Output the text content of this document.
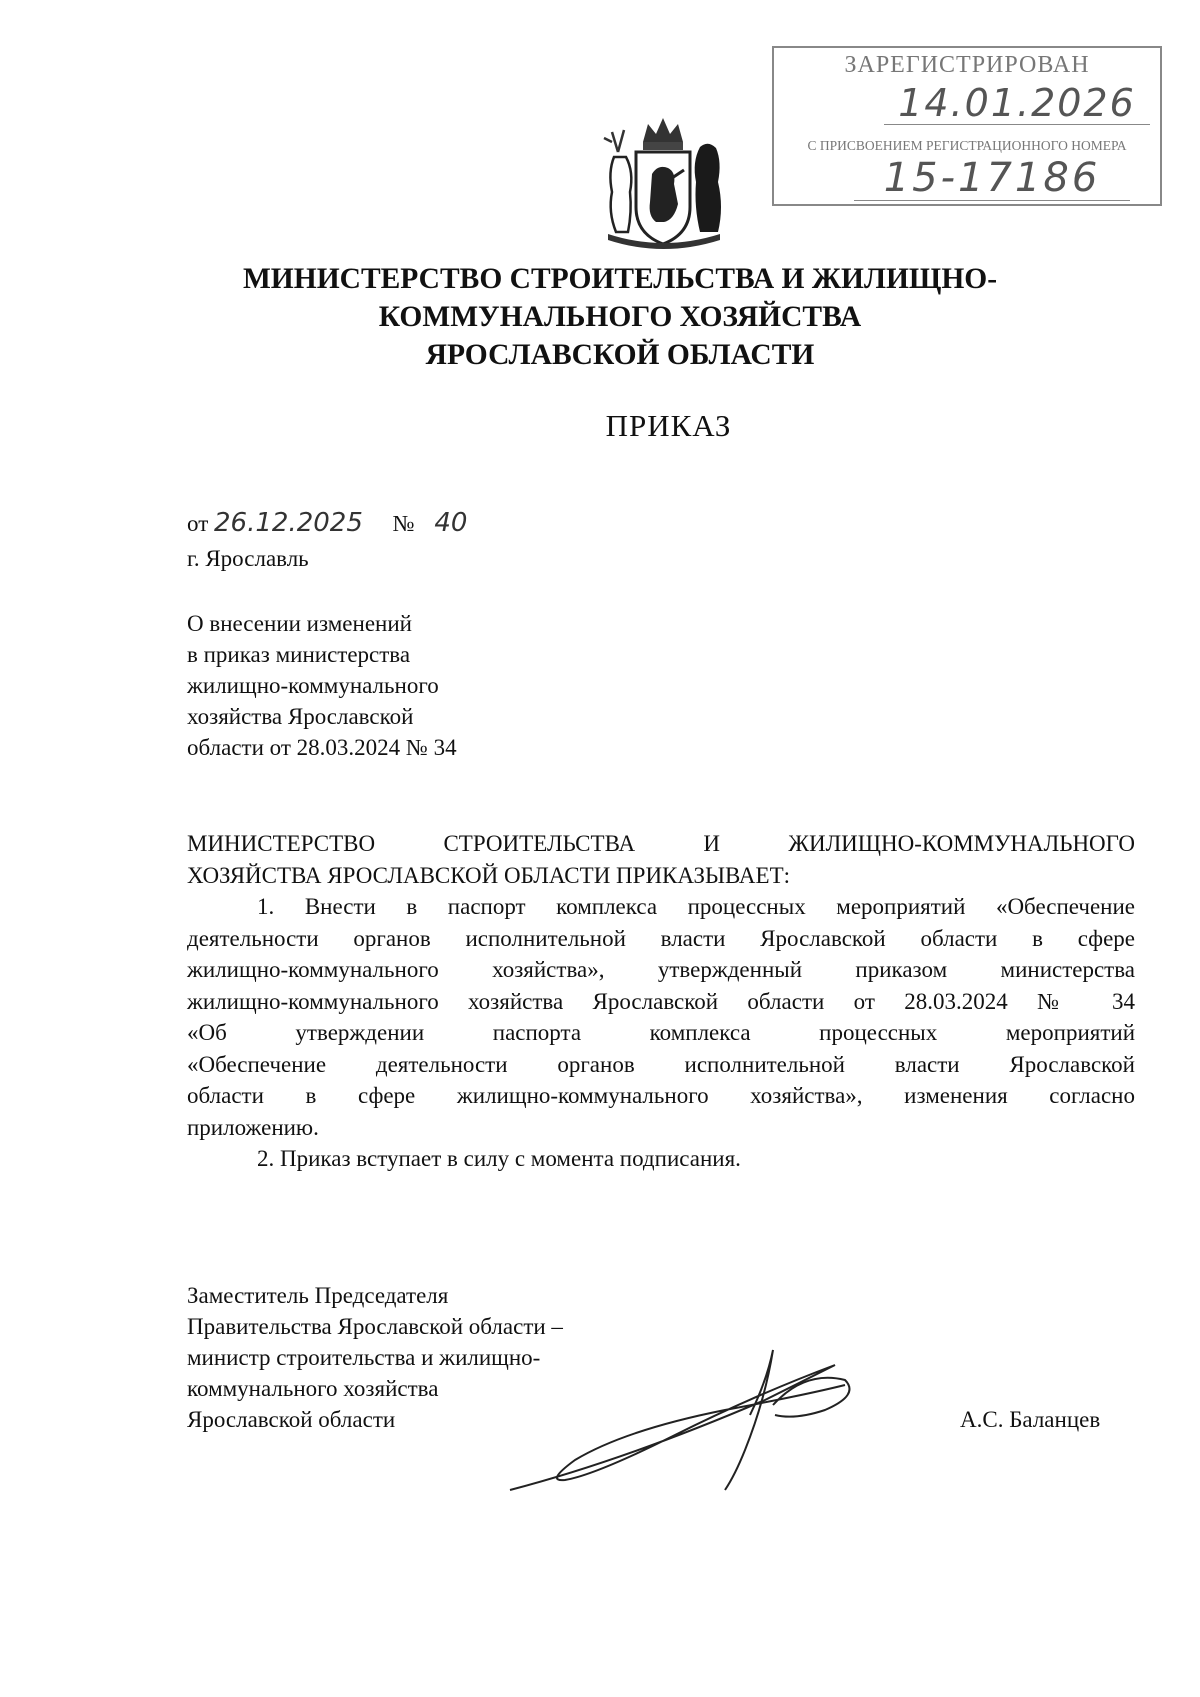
ЗАРЕГИСТРИРОВАН
14.01.2026
С ПРИСВОЕНИЕМ РЕГИСТРАЦИОННОГО НОМЕРА
15-17186
МИНИСТЕРСТВО СТРОИТЕЛЬСТВА И ЖИЛИЩНО-
КОММУНАЛЬНОГО ХОЗЯЙСТВА
ЯРОСЛАВСКОЙ ОБЛАСТИ
ПРИКАЗ
от 26.12.2025 № 40
г. Ярославль
О внесении изменений
в приказ министерства
жилищно-коммунального
хозяйства Ярославской
области от 28.03.2024 № 34
МИНИСТЕРСТВО СТРОИТЕЛЬСТВА И ЖИЛИЩНО-КОММУНАЛЬНОГО
ХОЗЯЙСТВА ЯРОСЛАВСКОЙ ОБЛАСТИ ПРИКАЗЫВАЕТ:
1. Внести в паспорт комплекса процессных мероприятий «Обеспечение
деятельности органов исполнительной власти Ярославской области в сфере
жилищно-коммунального хозяйства», утвержденный приказом министерства
жилищно-коммунального хозяйства Ярославской области от 28.03.2024 № 34
«Об утверждении паспорта комплекса процессных мероприятий
«Обеспечение деятельности органов исполнительной власти Ярославской
области в сфере жилищно-коммунального хозяйства», изменения согласно
приложению.
2. Приказ вступает в силу с момента подписания.
Заместитель Председателя
Правительства Ярославской области –
министр строительства и жилищно-
коммунального хозяйства
Ярославской области	А.С. Баланцев
